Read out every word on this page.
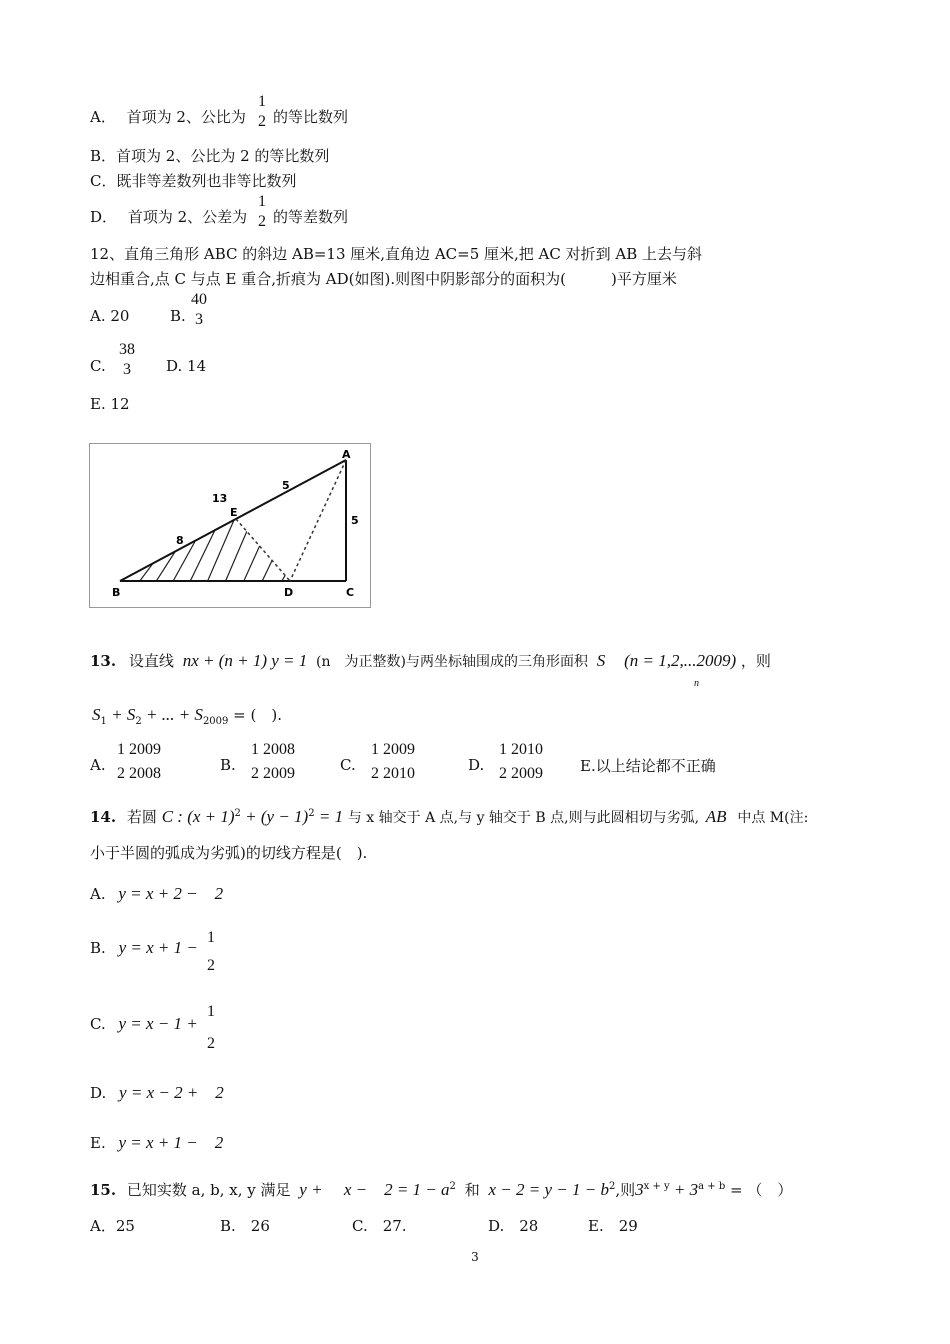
A． 首项为 2、公比为
1
2 的等比数列
B．首项为 2、公比为 2 的等比数列
C．既非等差数列也非等比数列
D． 首项为 2、公差为
1
2 的等差数列
12、直角三角形 ABC 的斜边 AB=13 厘米,直角边 AC=5 厘米,把 AC 对折到 AB 上去与斜
边相重合,点 C 与点 E 重合,折痕为 AD(如图).则图中阴影部分的面积为(　　　)平方厘米
A. 20	B.
40
3
C.
38
3	D. 14
E. 12
A
B	C
D
E
13
5
5
8
13. 设直线 nx + (n + 1) y = 1 (n　为正整数)与两坐标轴围成的三角形面积 S (n = 1,2,...2009) ，则
n
$S_1 + S_2$ + ... + $S_{2009}$ = (　).
A.
1 2009
2 2008	B.
1 2008
2 2009	C.
1 2009
2 2010	D.
1 2010
2 2009	E.以上结论都不正确
14. 若圆 C : $(x + 1)^2 + (y - 1)^2 = 1$ 与 x 轴交于 A 点,与 y 轴交于 B 点,则与此圆相切与劣弧, AB 中点 M(注:
小于半圆的弧成为劣弧)的切线方程是(　).
A. y = x + 2 −　2
B. y = x + 1 −
1
2
C. y = x − 1 +
1
2
D. y = x − 2 +　2
E. y = x + 1 −　2
15. 已知实数 a, b, x, y 满足 y +　 x −　$2 = 1 - a^2$ 和 $x - 2 = y - 1 - b^2$,则$3^{x + y} + 3^{a + b}$ = （　）
A．25	B.　26	C.　27.	D.　28	E.　29
3
